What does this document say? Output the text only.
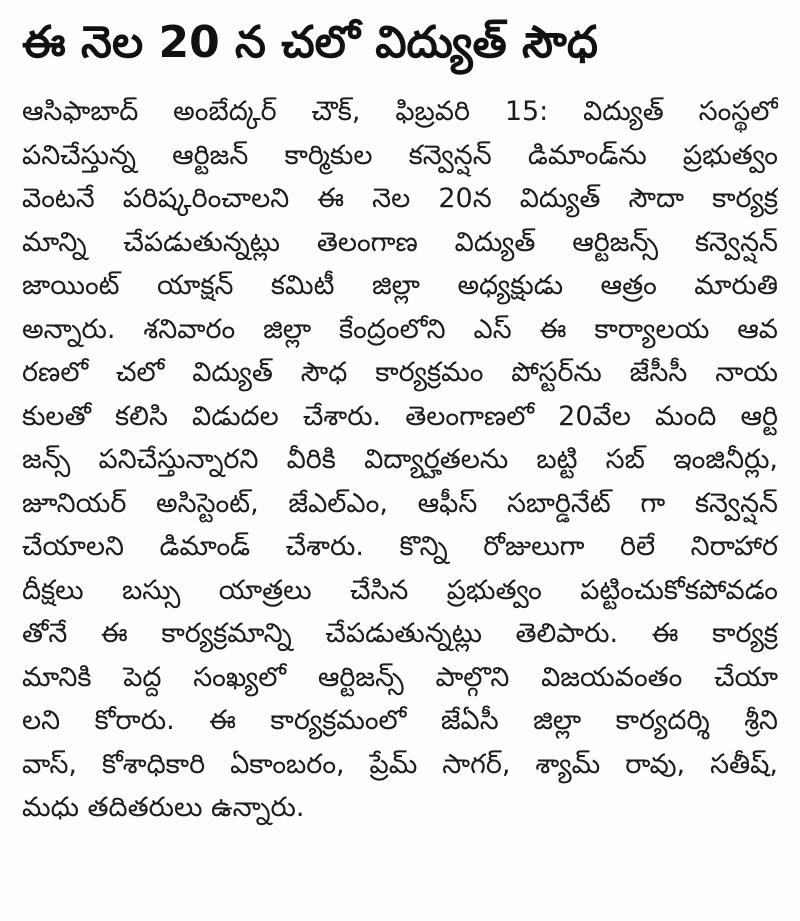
ఈ నెల 20 న చలో విద్యుత్ సౌధ
ఆసిఫాబాద్ అంబేద్కర్ చౌక్, ఫిబ్రవరి 15: విద్యుత్ సంస్థలో
పనిచేస్తున్న ఆర్టిజన్ కార్మికుల కన్వెన్షన్ డిమాండ్‌ను ప్రభుత్వం
వెంటనే పరిష్కరించాలని ఈ నెల 20న విద్యుత్ సౌదా కార్యక్ర
మాన్ని చేపడుతున్నట్లు తెలంగాణ విద్యుత్ ఆర్టిజన్స్ కన్వెన్షన్
జాయింట్ యాక్షన్ కమిటీ జిల్లా అధ్యక్షుడు ఆత్రం మారుతి
అన్నారు. శనివారం జిల్లా కేంద్రంలోని ఎస్ ఈ కార్యాలయ ఆవ
రణలో చలో విద్యుత్ సౌధ కార్యక్రమం పోస్టర్‌ను జేసీసీ నాయ
కులతో కలిసి విడుదల చేశారు. తెలంగాణలో 20వేల మంది ఆర్టి
జన్స్ పనిచేస్తున్నారని వీరికి విద్యార్హతలను బట్టి సబ్ ఇంజినీర్లు,
జూనియర్ అసిస్టెంట్, జేఎల్ఎం, ఆఫీస్ సబార్డినేట్ గా కన్వెన్షన్
చేయాలని డిమాండ్ చేశారు. కొన్ని రోజులుగా రిలే నిరాహార
దీక్షలు బస్సు యాత్రలు చేసిన ప్రభుత్వం పట్టించుకోకపోవడం
తోనే ఈ కార్యక్రమాన్ని చేపడుతున్నట్లు తెలిపారు. ఈ కార్యక్ర
మానికి పెద్ద సంఖ్యలో ఆర్టిజన్స్ పాల్గొని విజయవంతం చేయా
లని కోరారు. ఈ కార్యక్రమంలో జేఏసీ జిల్లా కార్యదర్శి శ్రీని
వాస్, కోశాధికారి ఏకాంబరం, ప్రేమ్ సాగర్, శ్యామ్ రావు, సతీష్,
మధు తదితరులు ఉన్నారు.
